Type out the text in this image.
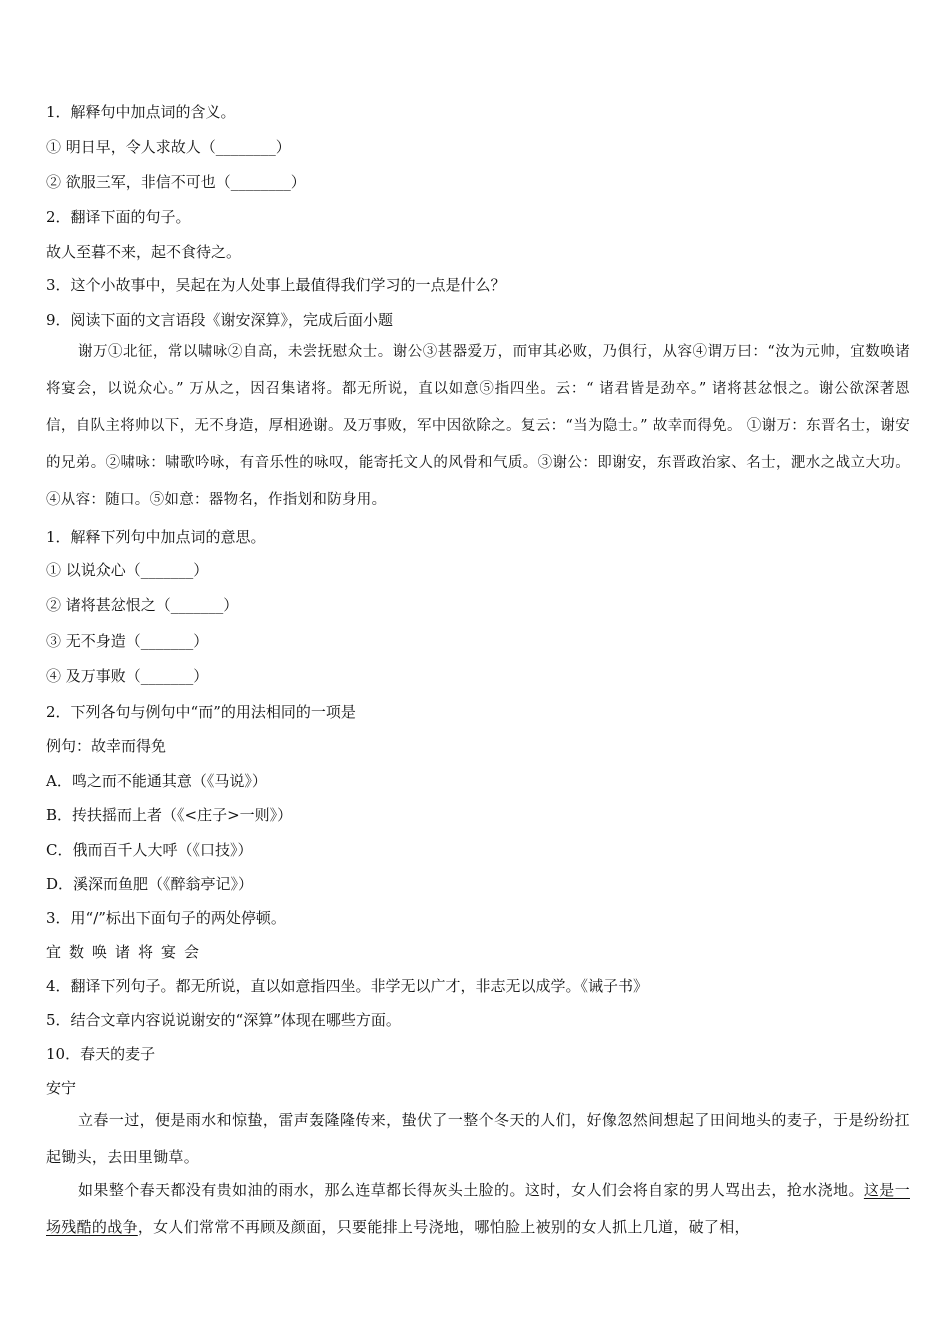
1．解释句中加点词的含义。
① 明日早，令人求故人（________）
② 欲服三军，非信不可也（________）
2．翻译下面的句子。
故人至暮不来，起不食待之。
3．这个小故事中，吴起在为人处事上最值得我们学习的一点是什么？
9．阅读下面的文言语段《谢安深算》，完成后面小题
谢万①北征，常以啸咏②自高，未尝抚慰众士。谢公③甚器爱万，而审其必败，乃俱行，从容④谓万曰：“汝为元帅，宜数唤诸将宴会，以说众心。” 万从之，因召集诸将。都无所说，直以如意⑤指四坐。云：“ 诸君皆是劲卒。” 诸将甚忿恨之。谢公欲深著恩信，自队主将帅以下，无不身造，厚相逊谢。及万事败，军中因欲除之。复云：“当为隐士。” 故幸而得免。 ①谢万：东晋名士，谢安的兄弟。②啸咏：啸歌吟咏，有音乐性的咏叹，能寄托文人的风骨和气质。③谢公：即谢安，东晋政治家、名士，淝水之战立大功。④从容：随口。⑤如意：器物名，作指划和防身用。
1．解释下列句中加点词的意思。
① 以说众心（_______）
② 诸将甚忿恨之（_______）
③ 无不身造（_______）
④ 及万事败（_______）
2．下列各句与例句中“而”的用法相同的一项是
例句：故幸而得免
A．鸣之而不能通其意（《马说》）
B．抟扶摇而上者（《<庄子>一则》）
C．俄而百千人大呼（《口技》）
D．溪深而鱼肥（《醉翁亭记》）
3．用“/”标出下面句子的两处停顿。
宜数唤诸将宴会
4．翻译下列句子。都无所说，直以如意指四坐。非学无以广才，非志无以成学。《诫子书》
5．结合文章内容说说谢安的“深算”体现在哪些方面。
10．春天的麦子
安宁
立春一过，便是雨水和惊蛰，雷声轰隆隆传来，蛰伏了一整个冬天的人们，好像忽然间想起了田间地头的麦子，于是纷纷扛起锄头，去田里锄草。
如果整个春天都没有贵如油的雨水，那么连草都长得灰头土脸的。这时，女人们会将自家的男人骂出去，抢水浇地。这是一场残酷的战争，女人们常常不再顾及颜面，只要能排上号浇地，哪怕脸上被别的女人抓上几道，破了相，
